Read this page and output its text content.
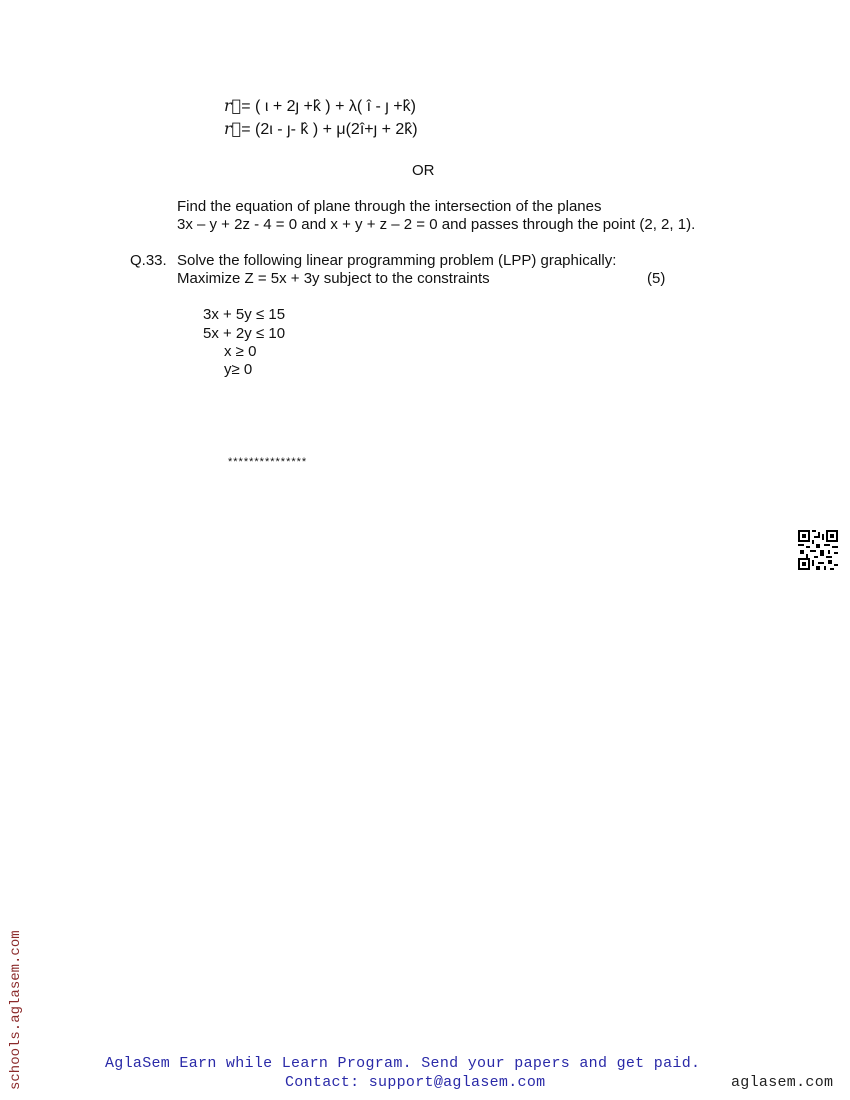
r⃗= ( ι + 2ȷ +k̂ ) + λ( î - ȷ +k̂)
r⃗= (2ι - ȷ- k̂ ) + μ(2î+ȷ + 2k̂)
OR
Find the equation of plane through the intersection of the planes
3x – y + 2z - 4 = 0 and x + y + z – 2 = 0 and passes through the point (2, 2, 1).
Q.33. Solve the following linear programming problem (LPP) graphically:
Maximize Z = 5x + 3y subject to the constraints	(5)
3x + 5y ≤ 15
5x + 2y ≤ 10
x ≥ 0
y≥ 0
***************
schools.aglasem.com	AglaSem Earn while Learn Program. Send your papers and get paid.
Contact: support@aglasem.com	aglasem.com
